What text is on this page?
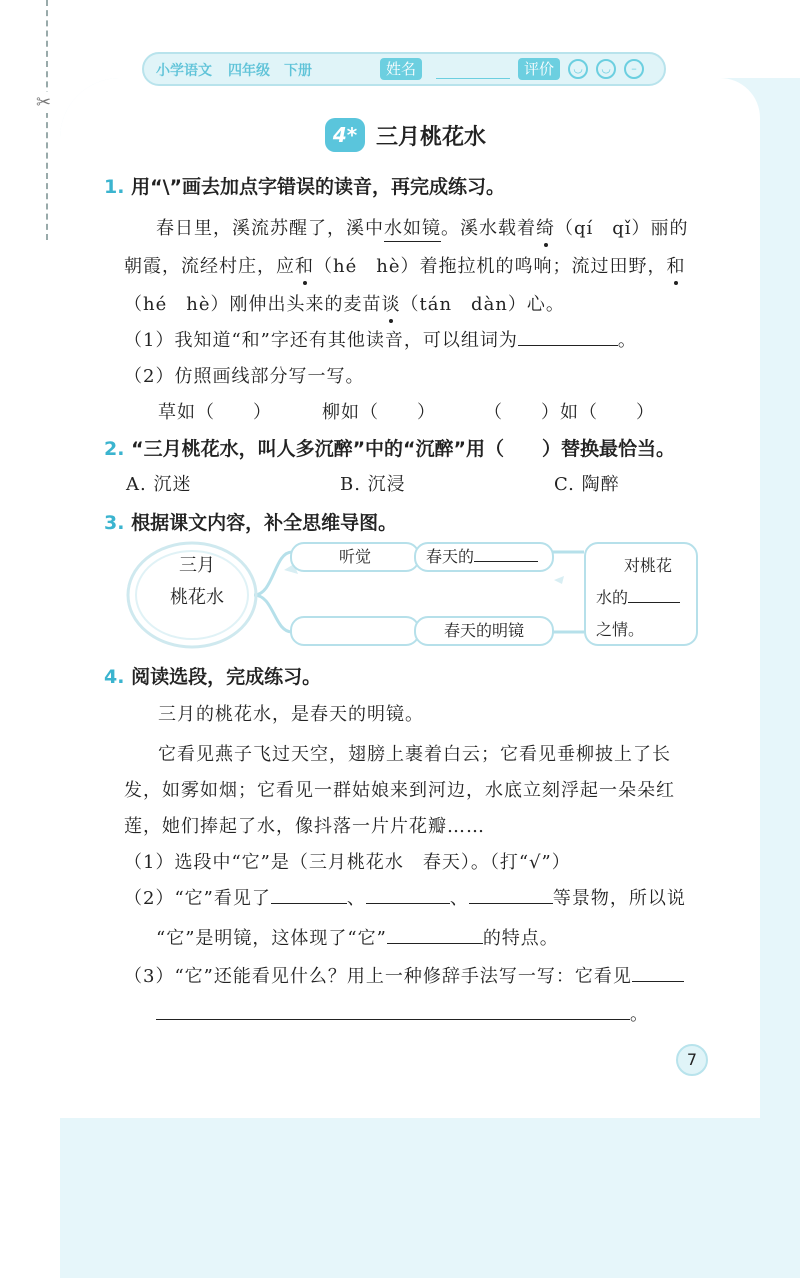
✂
小学语文 四年级 下册	姓名	评价	◡	◡	–
4* 三月桃花水
1. 用“\”画去加点字错误的读音，再完成练习。
春日里，溪流苏醒了，溪中水如镜。溪水载着绮（qí　qǐ）丽的
朝霞，流经村庄，应和（hé　hè）着拖拉机的鸣响；流过田野，和
（hé　hè）刚伸出头来的麦苗谈（tán　dàn）心。
（1）我知道“和”字还有其他读音，可以组词为	。
（2）仿照画线部分写一写。
草如（　　）	柳如（　　）	（　　）如（　　）
2. “三月桃花水，叫人多沉醉”中的“沉醉”用（　　）替换最恰当。
A. 沉迷	B. 沉浸	C. 陶醉
3. 根据课文内容，补全思维导图。
三月
桃花水
听觉	春天的
春天的明镜
对桃花
水的
之情。
4. 阅读选段，完成练习。
三月的桃花水，是春天的明镜。
它看见燕子飞过天空，翅膀上裹着白云；它看见垂柳披上了长
发，如雾如烟；它看见一群姑娘来到河边，水底立刻浮起一朵朵红
莲，她们捧起了水，像抖落一片片花瓣……
（1）选段中“它”是（三月桃花水　春天）。（打“√”）
（2）“它”看见了	、	、	等景物，所以说
“它”是明镜，这体现了“它”	的特点。
（3）“它”还能看见什么？用上一种修辞手法写一写：它看见
。
7
